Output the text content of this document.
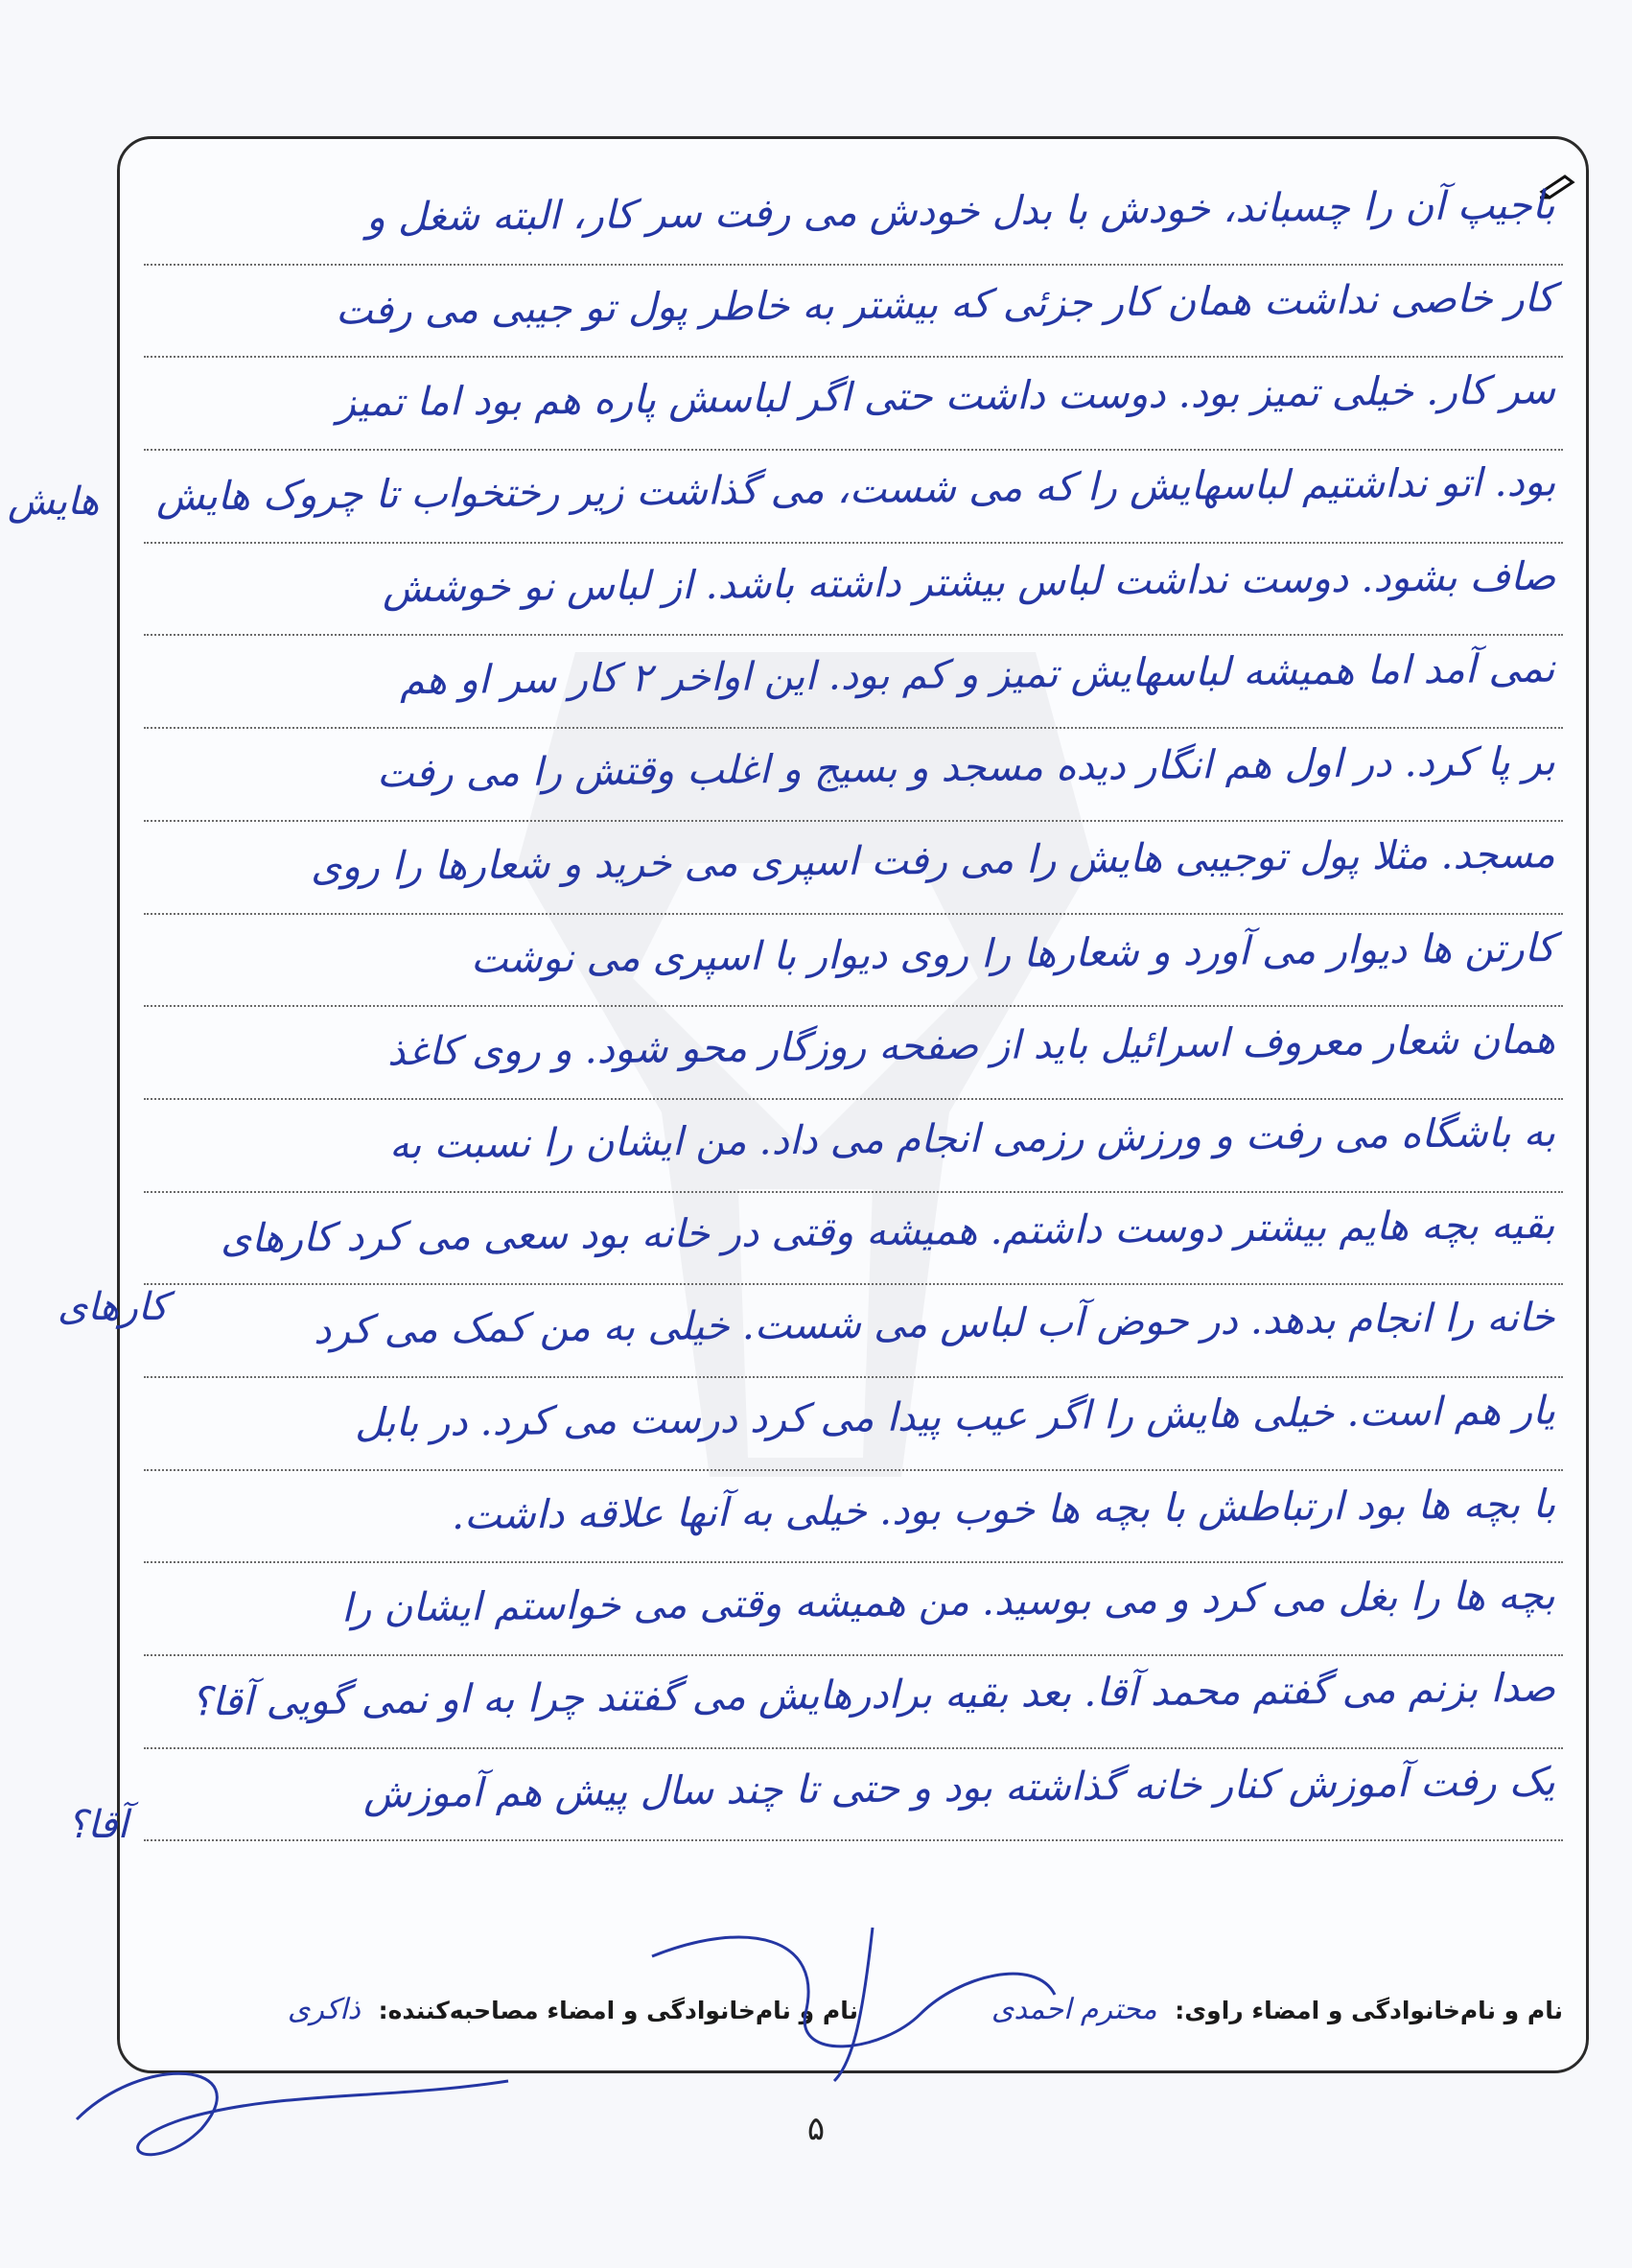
باجیپ آن را چسباند، خودش با بدل خودش می رفت سر کار، البته شغل و
کار خاصی نداشت همان کار جزئی که بیشتر به خاطر پول تو جیبی می رفت
سر کار. خیلی تمیز بود. دوست داشت حتی اگر لباسش پاره هم بود اما تمیز
بود. اتو نداشتیم لباسهایش را که می شست، می گذاشت زیر رختخواب تا چروک هایش
صاف بشود. دوست نداشت لباس بیشتر داشته باشد. از لباس نو خوشش
نمی آمد اما همیشه لباسهایش تمیز و کم بود. این اواخر ۲ کار سر او هم
بر پا کرد. در اول هم انگار دیده مسجد و بسیج و اغلب وقتش را می رفت
مسجد. مثلا پول توجیبی هایش را می رفت اسپری می خرید و شعارها را روی
کارتن ها دیوار می آورد و شعارها را روی دیوار با اسپری می نوشت
همان شعار معروف اسرائیل باید از صفحه روزگار محو شود. و روی کاغذ
به باشگاه می رفت و ورزش رزمی انجام می داد. من ایشان را نسبت به
بقیه بچه هایم بیشتر دوست داشتم. همیشه وقتی در خانه بود سعی می کرد کارهای
خانه را انجام بدهد. در حوض آب لباس می شست. خیلی به من کمک می کرد
یار هم است. خیلی هایش را اگر عیب پیدا می کرد درست می کرد. در بابل
با بچه ها بود ارتباطش با بچه ها خوب بود. خیلی به آنها علاقه داشت.
بچه ها را بغل می کرد و می بوسید. من همیشه وقتی می خواستم ایشان را
صدا بزنم می گفتم محمد آقا. بعد بقیه برادرهایش می گفتند چرا به او نمی گویی آقا؟
یک رفت آموزش کنار خانه گذاشته بود و حتی تا چند سال پیش هم آموزش
هایش
کارهای
آقا؟
نام و نام‌خانوادگی و امضاء راوی: محترم احمدی
نام و نام‌خانوادگی و امضاء مصاحبه‌کننده: ذاکری
۵
